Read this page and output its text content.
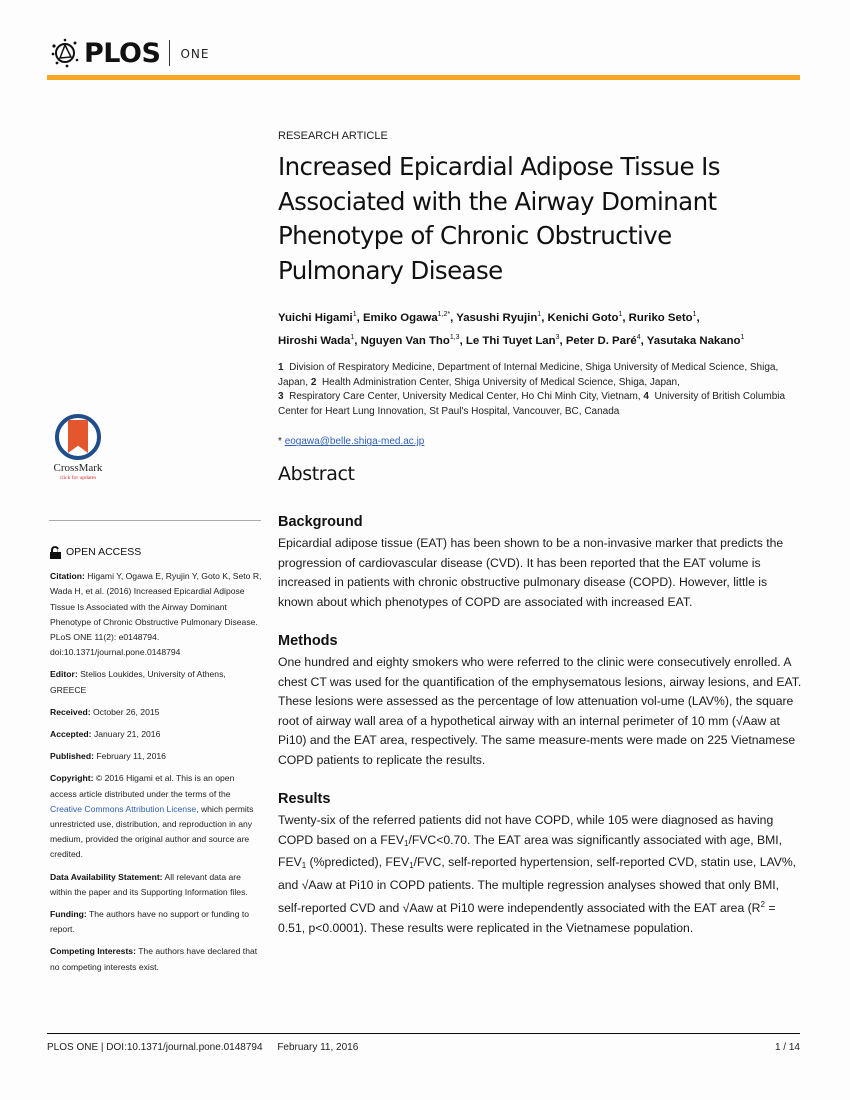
PLOS ONE
CrossMark
click for updates
OPEN ACCESS
Citation: Higami Y, Ogawa E, Ryujin Y, Goto K, Seto R, Wada H, et al. (2016) Increased Epicardial Adipose Tissue Is Associated with the Airway Dominant Phenotype of Chronic Obstructive Pulmonary Disease. PLoS ONE 11(2): e0148794. doi:10.1371/journal.pone.0148794
Editor: Stelios Loukides, University of Athens, GREECE
Received: October 26, 2015
Accepted: January 21, 2016
Published: February 11, 2016
Copyright: © 2016 Higami et al. This is an open access article distributed under the terms of the Creative Commons Attribution License, which permits unrestricted use, distribution, and reproduction in any medium, provided the original author and source are credited.
Data Availability Statement: All relevant data are within the paper and its Supporting Information files.
Funding: The authors have no support or funding to report.
Competing Interests: The authors have declared that no competing interests exist.
RESEARCH ARTICLE
Increased Epicardial Adipose Tissue Is Associated with the Airway Dominant Phenotype of Chronic Obstructive Pulmonary Disease
Yuichi Higami$^1$, Emiko Ogawa$^{1,2*}$, Yasushi Ryujin$^1$, Kenichi Goto$^1$, Ruriko Seto$^1$,
Hiroshi Wada$^1$, Nguyen Van Tho$^{1,3}$, Le Thi Tuyet Lan$^3$, Peter D. Paré$^4$, Yasutaka Nakano$^1$
1 Division of Respiratory Medicine, Department of Internal Medicine, Shiga University of Medical Science, Shiga, Japan, 2 Health Administration Center, Shiga University of Medical Science, Shiga, Japan,
3 Respiratory Care Center, University Medical Center, Ho Chi Minh City, Vietnam, 4 University of British Columbia Center for Heart Lung Innovation, St Paul's Hospital, Vancouver, BC, Canada
* eogawa@belle.shiga-med.ac.jp
Abstract
Background

Epicardial adipose tissue (EAT) has been shown to be a non-invasive marker that predicts the progression of cardiovascular disease (CVD). It has been reported that the EAT volume is increased in patients with chronic obstructive pulmonary disease (COPD). However, little is known about which phenotypes of COPD are associated with increased EAT.

Methods

One hundred and eighty smokers who were referred to the clinic were consecutively enrolled. A chest CT was used for the quantification of the emphysematous lesions, airway lesions, and EAT. These lesions were assessed as the percentage of low attenuation vol-ume (LAV%), the square root of airway wall area of a hypothetical airway with an internal perimeter of 10 mm (√Aaw at Pi10) and the EAT area, respectively. The same measure-ments were made on 225 Vietnamese COPD patients to replicate the results.

Results

Twenty-six of the referred patients did not have COPD, while 105 were diagnosed as having COPD based on a $FEV_1/FVC<0.70$. The EAT area was significantly associated with age, BMI, $FEV_1$ (%predicted), $FEV_1$/FVC, self-reported hypertension, self-reported CVD, statin use, LAV%, and √Aaw at Pi10 in COPD patients. The multiple regression analyses showed that only BMI, self-reported CVD and √Aaw at Pi10 were independently associated with the EAT area ($R^2 = 0.51$, p<0.0001). These results were replicated in the Vietnamese population.

PLOS ONE | DOI:10.1371/journal.pone.0148794 February 11, 2016	1 / 14
